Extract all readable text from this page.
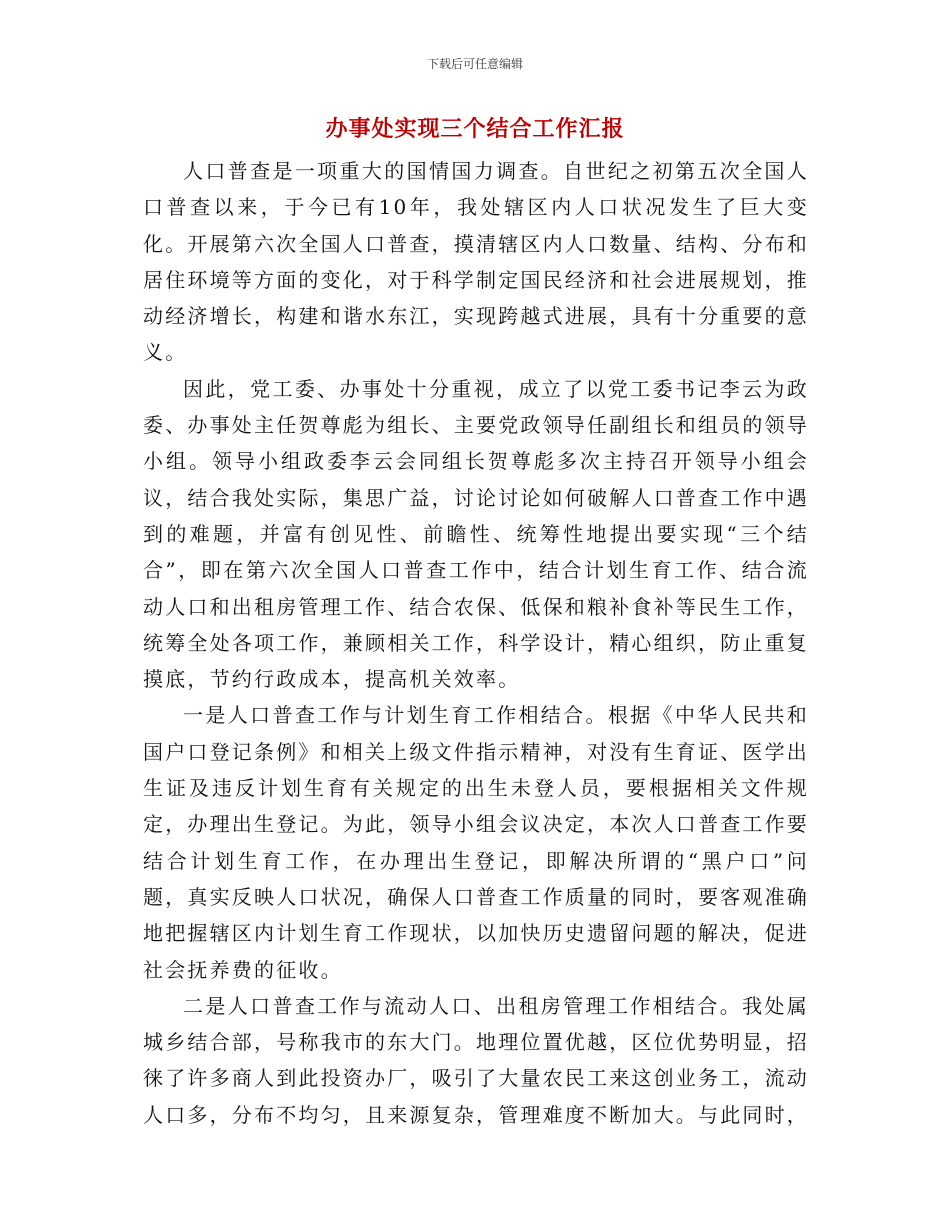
下载后可任意编辑
办事处实现三个结合工作汇报

人口普查是一项重大的国情国力调查。自世纪之初第五次全国人口普查以来，于今已有10年，我处辖区内人口状况发生了巨大变化。开展第六次全国人口普查，摸清辖区内人口数量、结构、分布和居住环境等方面的变化，对于科学制定国民经济和社会进展规划，推动经济增长，构建和谐水东江，实现跨越式进展，具有十分重要的意义。

因此，党工委、办事处十分重视，成立了以党工委书记李云为政委、办事处主任贺尊彪为组长、主要党政领导任副组长和组员的领导小组。领导小组政委李云会同组长贺尊彪多次主持召开领导小组会议，结合我处实际，集思广益，讨论讨论如何破解人口普查工作中遇到的难题，并富有创见性、前瞻性、统筹性地提出要实现“三个结合”，即在第六次全国人口普查工作中，结合计划生育工作、结合流动人口和出租房管理工作、结合农保、低保和粮补食补等民生工作，统筹全处各项工作，兼顾相关工作，科学设计，精心组织，防止重复摸底，节约行政成本，提高机关效率。

一是人口普查工作与计划生育工作相结合。根据《中华人民共和国户口登记条例》和相关上级文件指示精神，对没有生育证、医学出生证及违反计划生育有关规定的出生未登人员，要根据相关文件规定，办理出生登记。为此，领导小组会议决定，本次人口普查工作要结合计划生育工作，在办理出生登记，即解决所谓的“黑户口”问题，真实反映人口状况，确保人口普查工作质量的同时，要客观准确地把握辖区内计划生育工作现状，以加快历史遗留问题的解决，促进社会抚养费的征收。

二是人口普查工作与流动人口、出租房管理工作相结合。我处属城乡结合部，号称我市的东大门。地理位置优越，区位优势明显，招徕了许多商人到此投资办厂，吸引了大量农民工来这创业务工，流动人口多，分布不均匀，且来源复杂，管理难度不断加大。与此同时，
